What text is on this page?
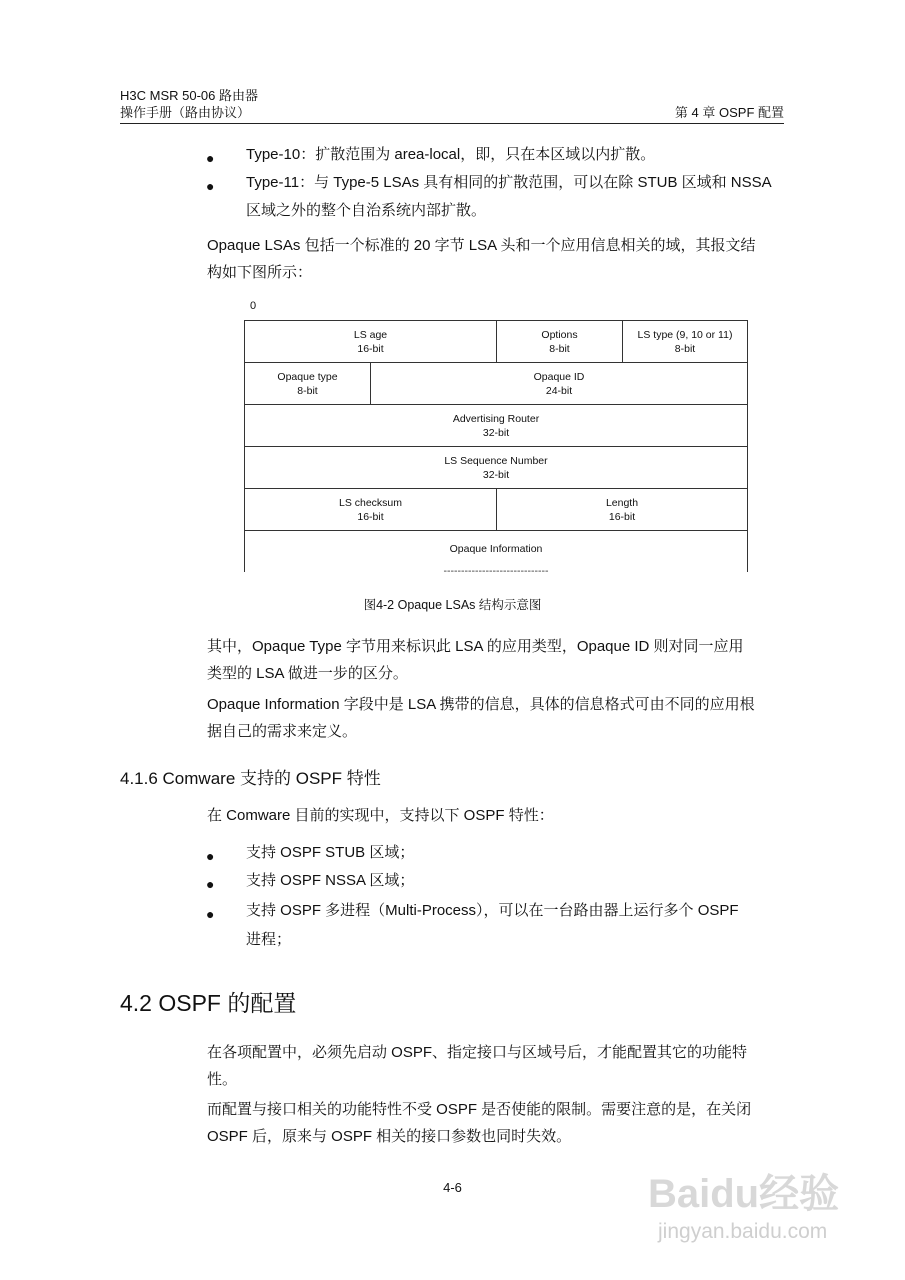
H3C MSR 50-06 路由器
操作手册（路由协议）	第 4 章 OSPF 配置
● Type-10：扩散范围为 area-local，即，只在本区域以内扩散。
● Type-11：与 Type-5 LSAs 具有相同的扩散范围，可以在除 STUB 区域和 NSSA
区域之外的整个自治系统内部扩散。
Opaque LSAs 包括一个标准的 20 字节 LSA 头和一个应用信息相关的域，其报文结
构如下图所示：
0
LS age
16-bit
Options
8-bit
LS type (9, 10 or 11)
8-bit
Opaque type
8-bit
Opaque ID
24-bit
Advertising Router
32-bit
LS Sequence Number
32-bit
LS checksum
16-bit
Length
16-bit
Opaque Information
------------------------------
图4-2 Opaque LSAs 结构示意图
其中，Opaque Type 字节用来标识此 LSA 的应用类型，Opaque ID 则对同一应用
类型的 LSA 做进一步的区分。
Opaque Information 字段中是 LSA 携带的信息，具体的信息格式可由不同的应用根
据自己的需求来定义。
4.1.6 Comware 支持的 OSPF 特性
在 Comware 目前的实现中，支持以下 OSPF 特性：
● 支持 OSPF STUB 区域；
● 支持 OSPF NSSA 区域；
● 支持 OSPF 多进程（Multi-Process），可以在一台路由器上运行多个 OSPF
进程；
4.2 OSPF 的配置
在各项配置中，必须先启动 OSPF、指定接口与区域号后，才能配置其它的功能特
性。
而配置与接口相关的功能特性不受 OSPF 是否使能的限制。需要注意的是，在关闭
OSPF 后，原来与 OSPF 相关的接口参数也同时失效。
4-6	Baidu经验
jingyan.baidu.com
